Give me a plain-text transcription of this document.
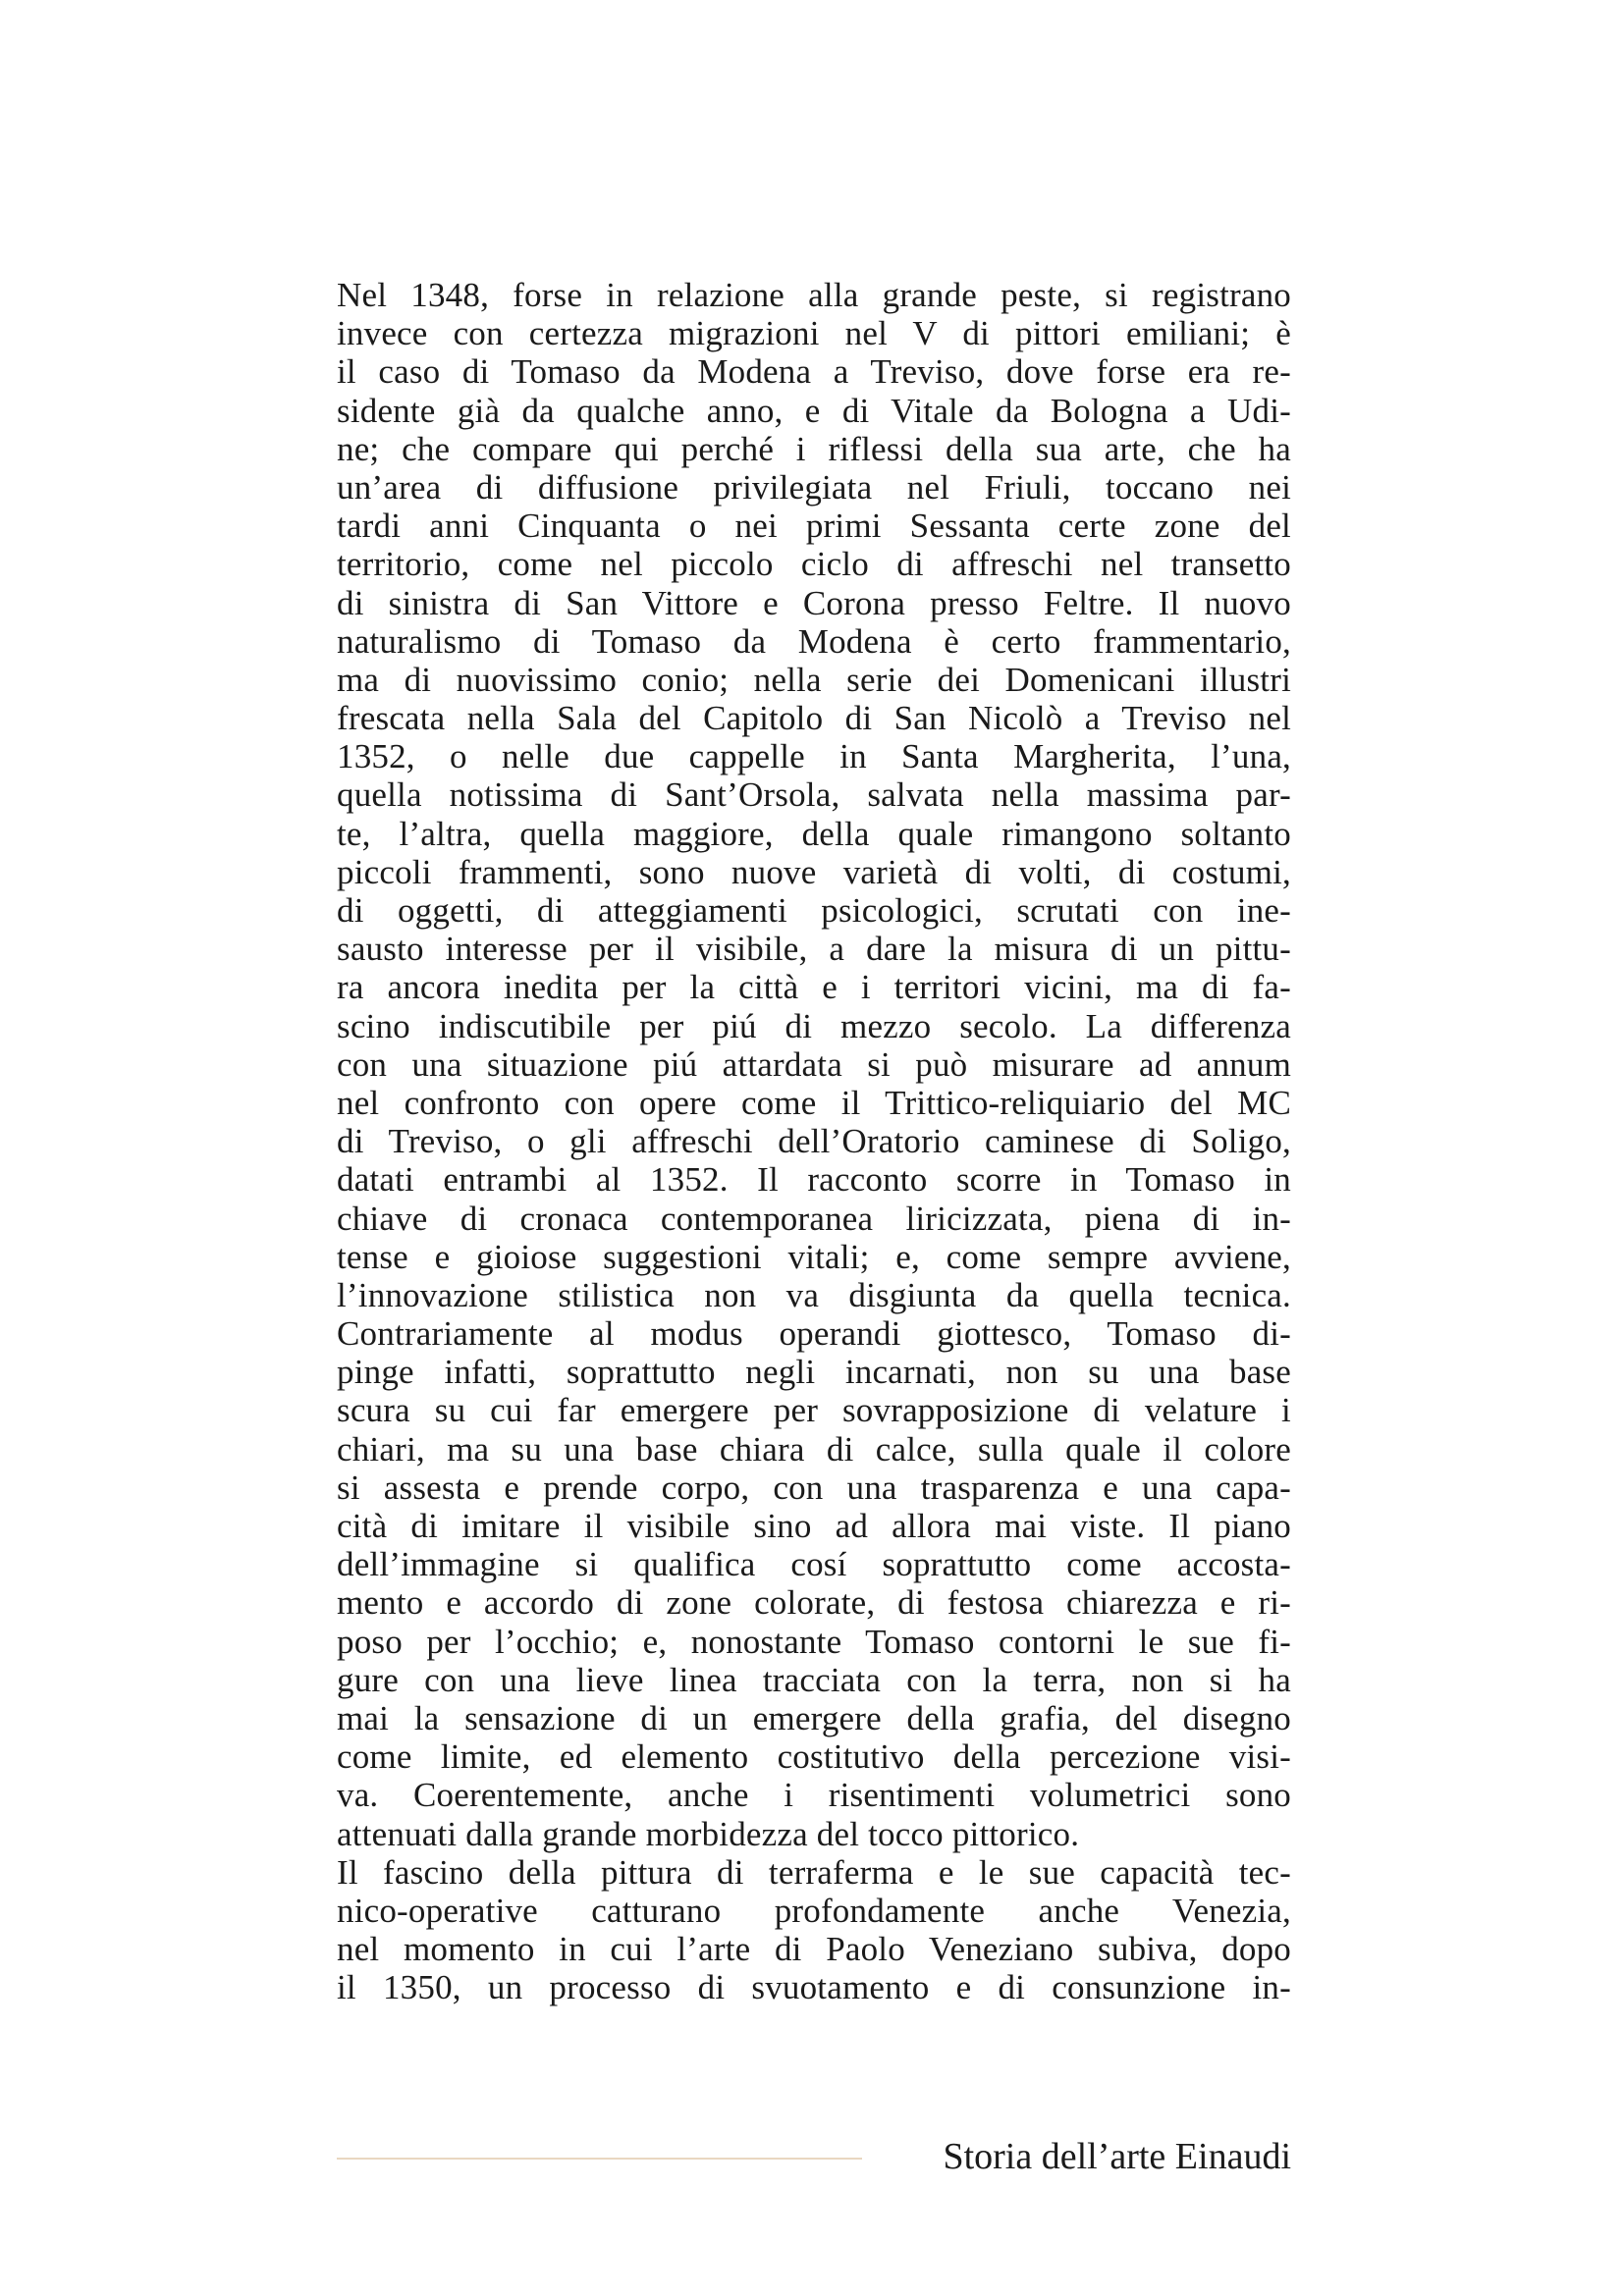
Nel 1348, forse in relazione alla grande peste, si registrano
invece con certezza migrazioni nel V di pittori emiliani; è
il caso di Tomaso da Modena a Treviso, dove forse era re-
sidente già da qualche anno, e di Vitale da Bologna a Udi-
ne; che compare qui perché i riflessi della sua arte, che ha
un’area di diffusione privilegiata nel Friuli, toccano nei
tardi anni Cinquanta o nei primi Sessanta certe zone del
territorio, come nel piccolo ciclo di affreschi nel transetto
di sinistra di San Vittore e Corona presso Feltre. Il nuovo
naturalismo di Tomaso da Modena è certo frammentario,
ma di nuovissimo conio; nella serie dei Domenicani illustri
frescata nella Sala del Capitolo di San Nicolò a Treviso nel
1352, o nelle due cappelle in Santa Margherita, l’una,
quella notissima di Sant’Orsola, salvata nella massima par-
te, l’altra, quella maggiore, della quale rimangono soltanto
piccoli frammenti, sono nuove varietà di volti, di costumi,
di oggetti, di atteggiamenti psicologici, scrutati con ine-
sausto interesse per il visibile, a dare la misura di un pittu-
ra ancora inedita per la città e i territori vicini, ma di fa-
scino indiscutibile per piú di mezzo secolo. La differenza
con una situazione piú attardata si può misurare ad annum
nel confronto con opere come il Trittico-reliquiario del MC
di Treviso, o gli affreschi dell’Oratorio caminese di Soligo,
datati entrambi al 1352. Il racconto scorre in Tomaso in
chiave di cronaca contemporanea liricizzata, piena di in-
tense e gioiose suggestioni vitali; e, come sempre avviene,
l’innovazione stilistica non va disgiunta da quella tecnica.
Contrariamente al modus operandi giottesco, Tomaso di-
pinge infatti, soprattutto negli incarnati, non su una base
scura su cui far emergere per sovrapposizione di velature i
chiari, ma su una base chiara di calce, sulla quale il colore
si assesta e prende corpo, con una trasparenza e una capa-
cità di imitare il visibile sino ad allora mai viste. Il piano
dell’immagine si qualifica cosí soprattutto come accosta-
mento e accordo di zone colorate, di festosa chiarezza e ri-
poso per l’occhio; e, nonostante Tomaso contorni le sue fi-
gure con una lieve linea tracciata con la terra, non si ha
mai la sensazione di un emergere della grafia, del disegno
come limite, ed elemento costitutivo della percezione visi-
va. Coerentemente, anche i risentimenti volumetrici sono
attenuati dalla grande morbidezza del tocco pittorico.
Il fascino della pittura di terraferma e le sue capacità tec-
nico-operative catturano profondamente anche Venezia,
nel momento in cui l’arte di Paolo Veneziano subiva, dopo
il 1350, un processo di svuotamento e di consunzione in-
Storia dell’arte Einaudi
